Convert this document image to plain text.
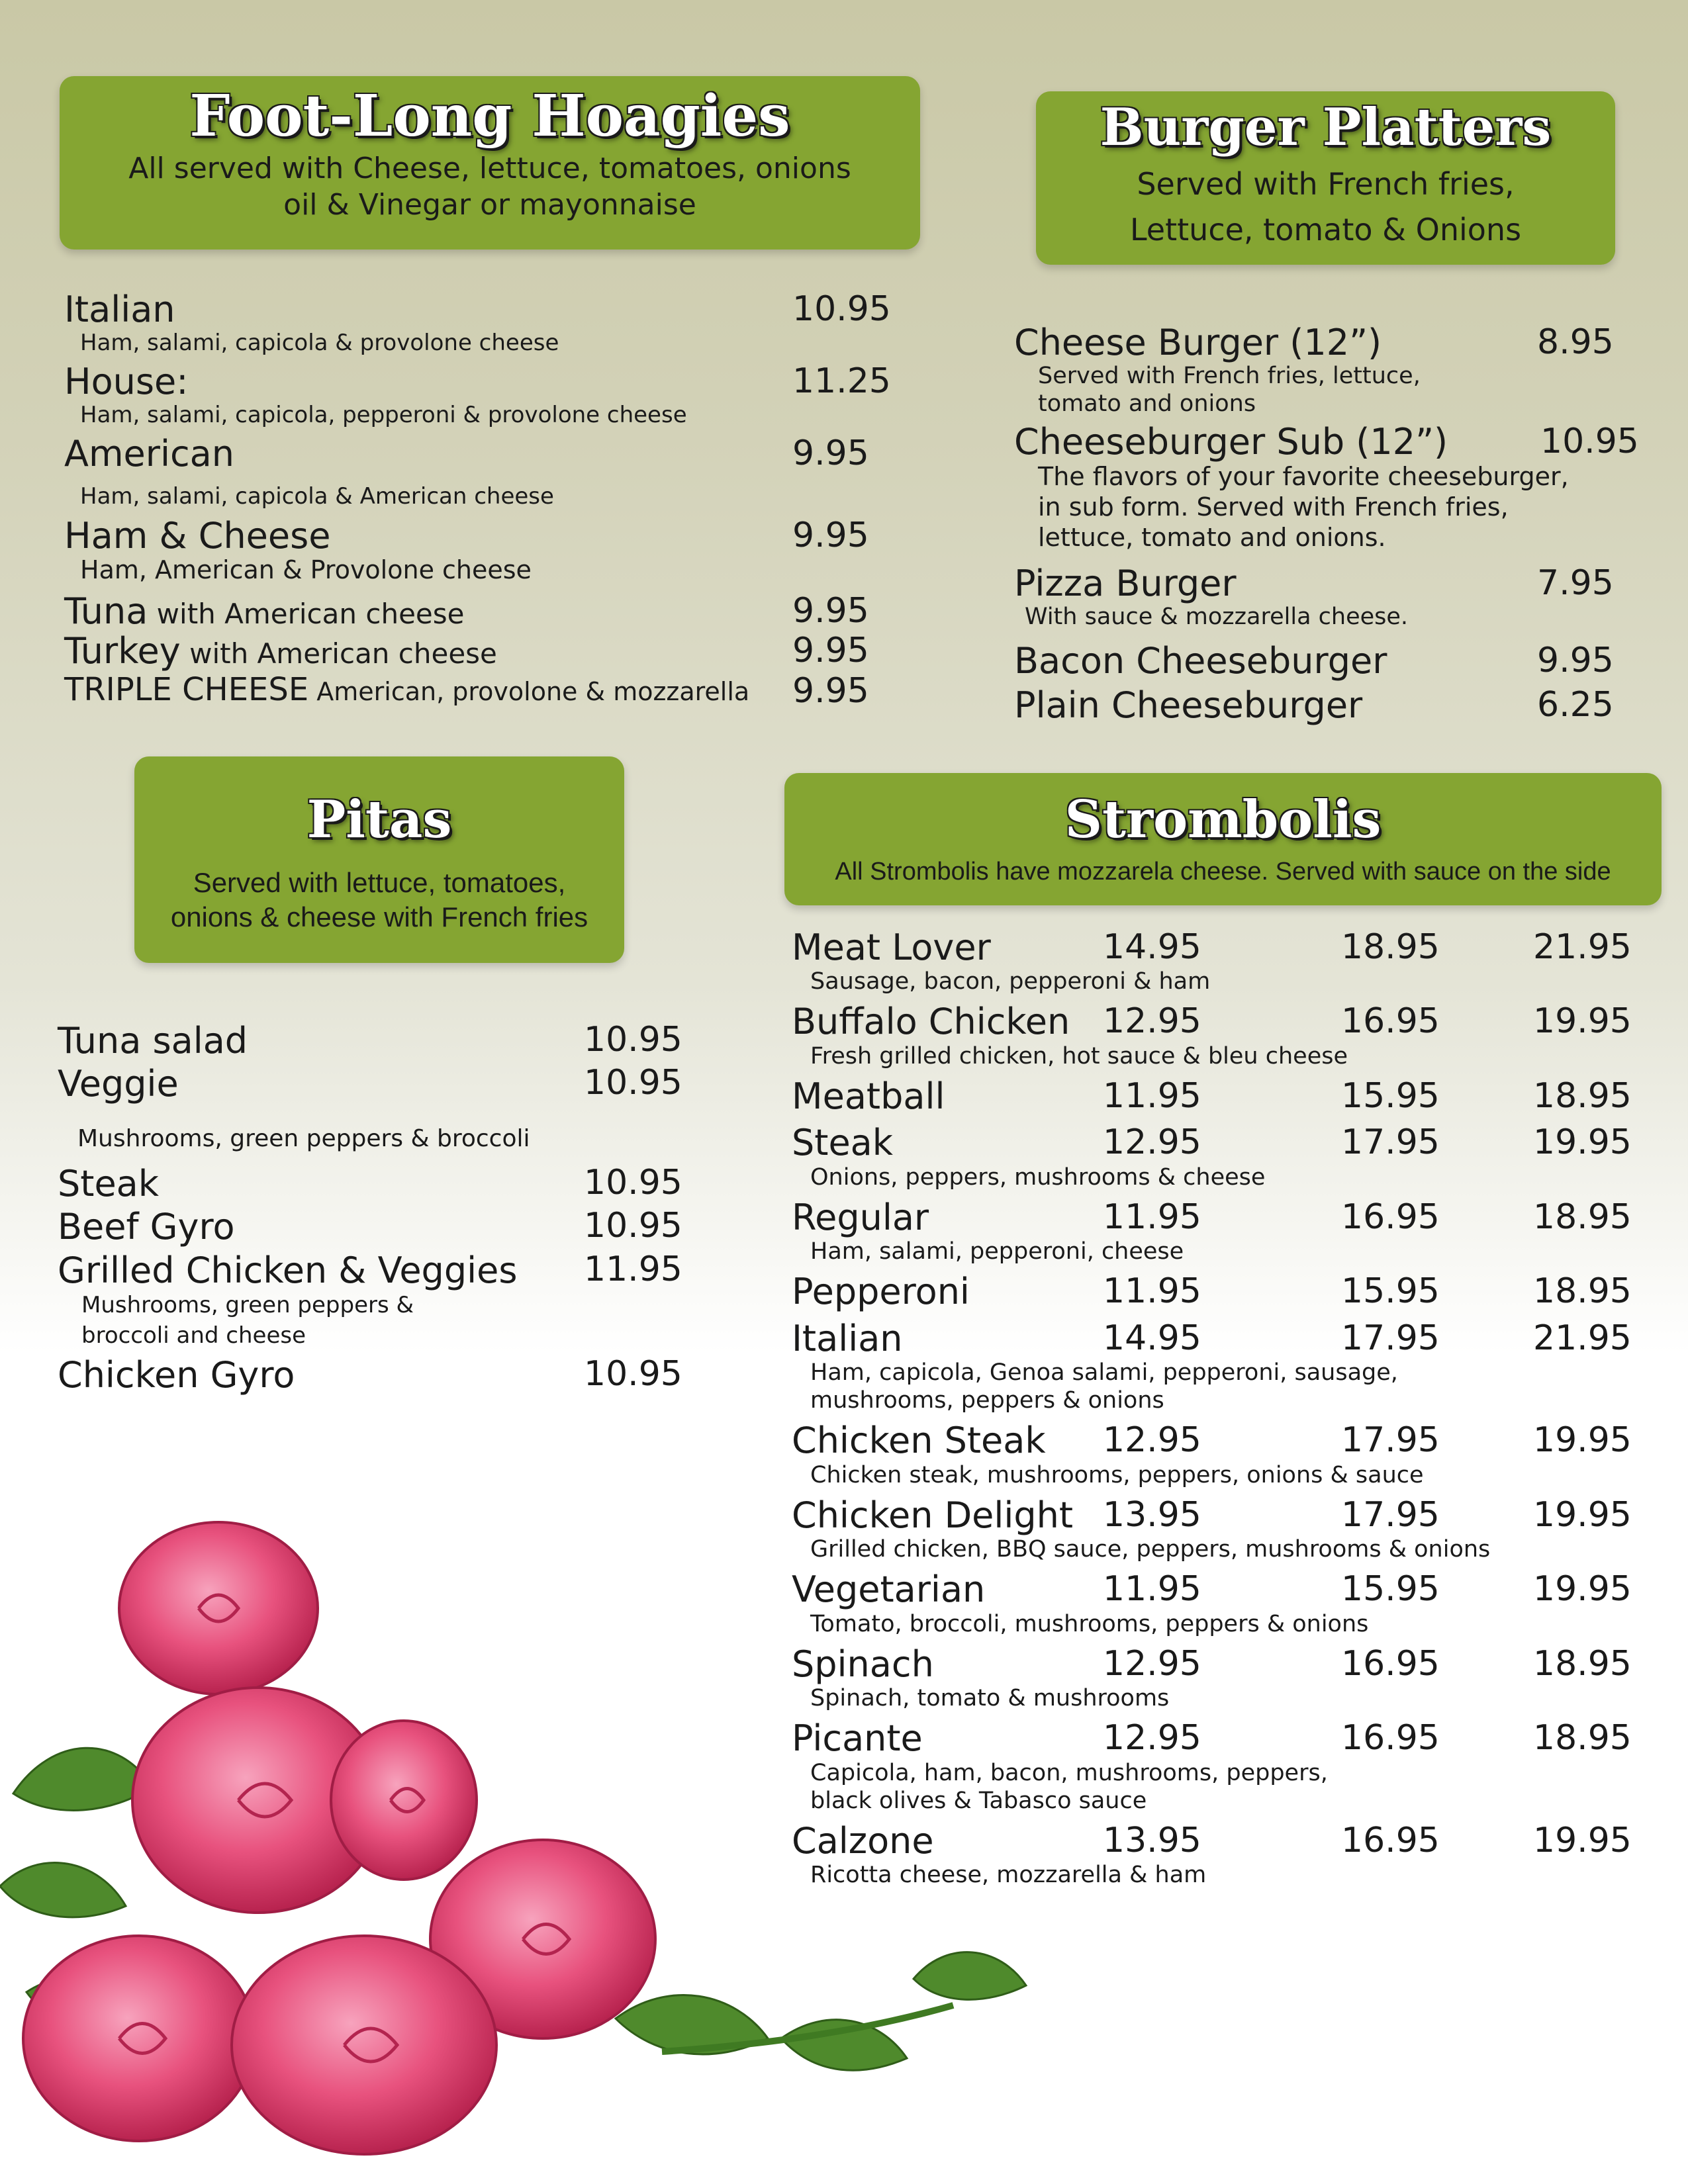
Foot-Long Hoagies
All served with Cheese, lettuce, tomatoes, onions
oil & Vinegar or mayonnaise
Italian	10.95
Ham, salami, capicola & provolone cheese
House:	11.25
Ham, salami, capicola, pepperoni & provolone cheese
American	9.95
Ham, salami, capicola & American cheese
Ham & Cheese	9.95
Ham, American & Provolone cheese
Tuna with American cheese	9.95
Turkey with American cheese	9.95
TRIPLE CHEESE American, provolone & mozzarella	9.95
Burger Platters
Served with French fries,
Lettuce, tomato & Onions
Cheese Burger (12”)	8.95
Served with French fries, lettuce,
tomato and onions
Cheeseburger Sub (12”)	10.95
The flavors of your favorite cheeseburger,
in sub form. Served with French fries,
lettuce, tomato and onions.
Pizza Burger	7.95
With sauce & mozzarella cheese.
Bacon Cheeseburger	9.95
Plain Cheeseburger	6.25
Pitas
Served with lettuce, tomatoes,
onions & cheese with French fries
Tuna salad	10.95
Veggie	10.95
Mushrooms, green peppers & broccoli
Steak	10.95
Beef Gyro	10.95
Grilled Chicken & Veggies	11.95
Mushrooms, green peppers &
broccoli and cheese
Chicken Gyro	10.95
Strombolis
All Strombolis have mozzarela cheese. Served with sauce on the side
Meat Lover	14.95	18.95	21.95
Sausage, bacon, pepperoni & ham
Buffalo Chicken 12.95	16.95	19.95
Fresh grilled chicken, hot sauce & bleu cheese
Meatball	11.95	15.95	18.95
Steak	12.95	17.95	19.95
Onions, peppers, mushrooms & cheese
Regular	11.95	16.95	18.95
Ham, salami, pepperoni, cheese
Pepperoni	11.95	15.95	18.95
Italian	14.95	17.95	21.95
Ham, capicola, Genoa salami, pepperoni, sausage,
mushrooms, peppers & onions
Chicken Steak	12.95	17.95	19.95
Chicken steak, mushrooms, peppers, onions & sauce
Chicken Delight 13.95	17.95	19.95
Grilled chicken, BBQ sauce, peppers, mushrooms & onions
Vegetarian	11.95	15.95	19.95
Tomato, broccoli, mushrooms, peppers & onions
Spinach	12.95	16.95	18.95
Spinach, tomato & mushrooms
Picante	12.95	16.95	18.95
Capicola, ham, bacon, mushrooms, peppers,
black olives & Tabasco sauce
Calzone	13.95	16.95	19.95
Ricotta cheese, mozzarella & ham
